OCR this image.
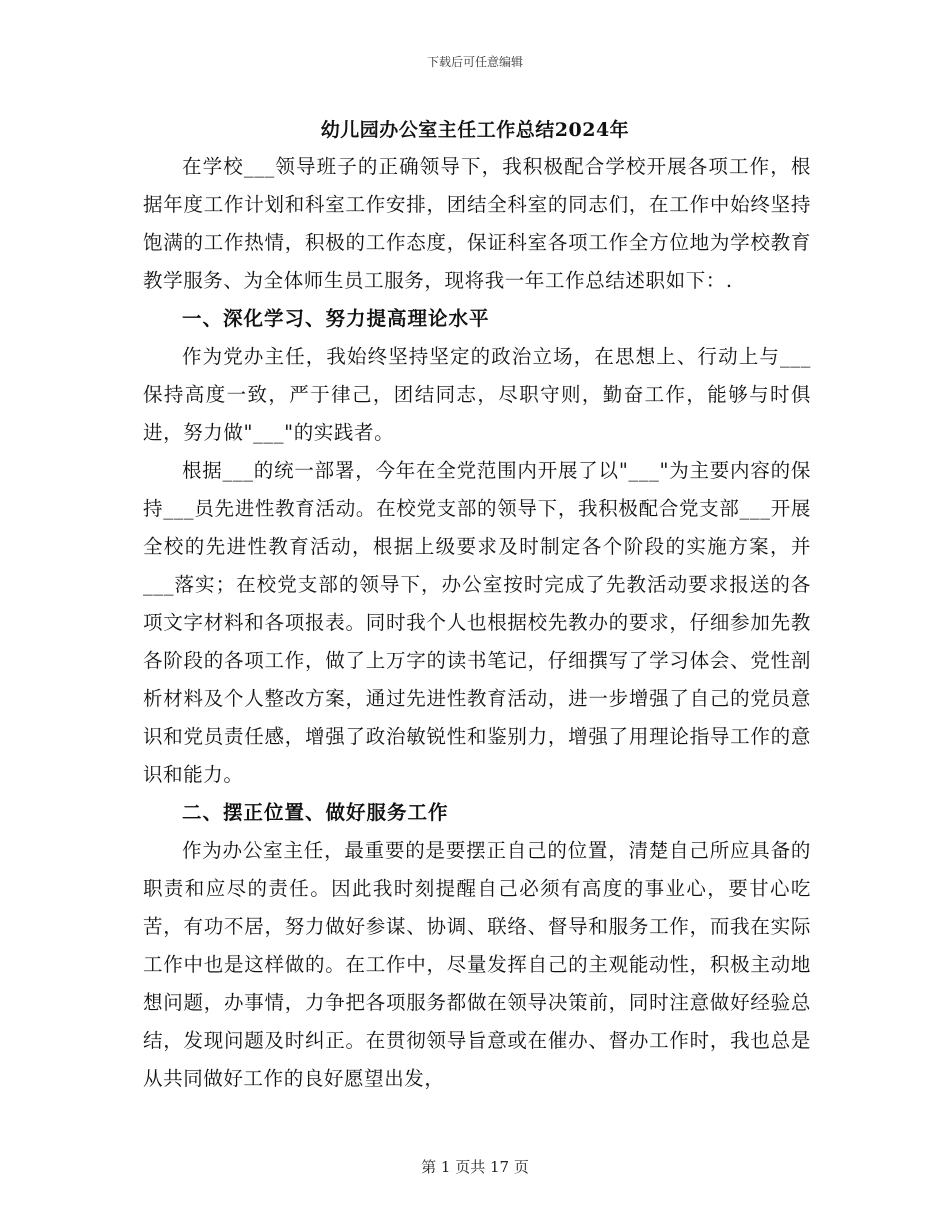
下载后可任意编辑
幼儿园办公室主任工作总结2024年

在学校___领导班子的正确领导下，我积极配合学校开展各项工作，根据年度工作计划和科室工作安排，团结全科室的同志们，在工作中始终坚持饱满的工作热情，积极的工作态度，保证科室各项工作全方位地为学校教育教学服务、为全体师生员工服务，现将我一年工作总结述职如下：.

一、深化学习、努力提高理论水平

作为党办主任，我始终坚持坚定的政治立场，在思想上、行动上与___保持高度一致，严于律己，团结同志，尽职守则，勤奋工作，能够与时俱进，努力做"___"的实践者。

根据___的统一部署，今年在全党范围内开展了以"___"为主要内容的保持___员先进性教育活动。在校党支部的领导下，我积极配合党支部___开展全校的先进性教育活动，根据上级要求及时制定各个阶段的实施方案，并___落实；在校党支部的领导下，办公室按时完成了先教活动要求报送的各项文字材料和各项报表。同时我个人也根据校先教办的要求，仔细参加先教各阶段的各项工作，做了上万字的读书笔记，仔细撰写了学习体会、党性剖析材料及个人整改方案，通过先进性教育活动，进一步增强了自己的党员意识和党员责任感，增强了政治敏锐性和鉴别力，增强了用理论指导工作的意识和能力。

二、摆正位置、做好服务工作

作为办公室主任，最重要的是要摆正自己的位置，清楚自己所应具备的职责和应尽的责任。因此我时刻提醒自己必须有高度的事业心，要甘心吃苦，有功不居，努力做好参谋、协调、联络、督导和服务工作，而我在实际工作中也是这样做的。在工作中，尽量发挥自己的主观能动性，积极主动地想问题，办事情，力争把各项服务都做在领导决策前，同时注意做好经验总结，发现问题及时纠正。在贯彻领导旨意或在催办、督办工作时，我也总是从共同做好工作的良好愿望出发，

第 1 页共 17 页
